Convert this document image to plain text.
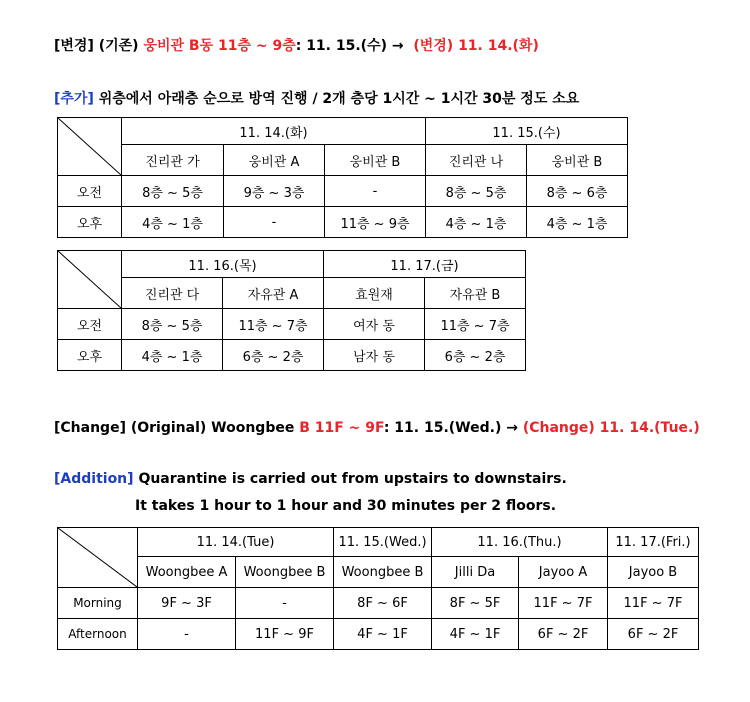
[변경] (기존) 웅비관 B동 11층 ~ 9층: 11. 15.(수) → (변경) 11. 14.(화)
[추가] 위층에서 아래층 순으로 방역 진행 / 2개 층당 1시간 ~ 1시간 30분 정도 소요
	11. 14.(화)			11. 15.(수)	
	진리관 가	웅비관 A	웅비관 B	진리관 나	웅비관 B
오전	8층 ~ 5층	9층 ~ 3층	-	8층 ~ 5층	8층 ~ 6층
오후	4층 ~ 1층	-	11층 ~ 9층	4층 ~ 1층	4층 ~ 1층
	11. 16.(목)		11. 17.(금)	
	진리관 다	자유관 A	효원재	자유관 B
오전	8층 ~ 5층	11층 ~ 7층	여자 동	11층 ~ 7층
오후	4층 ~ 1층	6층 ~ 2층	남자 동	6층 ~ 2층
[Change] (Original) Woongbee B 11F ~ 9F: 11. 15.(Wed.) → (Change) 11. 14.(Tue.)
[Addition] Quarantine is carried out from upstairs to downstairs.
It takes 1 hour to 1 hour and 30 minutes per 2 floors.
	11. 14.(Tue)		11. 15.(Wed.)	11. 16.(Thu.)		11. 17.(Fri.)
	Woongbee A	Woongbee B	Woongbee B	Jilli Da	Jayoo A	Jayoo B
Morning	9F ~ 3F	-	8F ~ 6F	8F ~ 5F	11F ~ 7F	11F ~ 7F
Afternoon	-	11F ~ 9F	4F ~ 1F	4F ~ 1F	6F ~ 2F	6F ~ 2F
